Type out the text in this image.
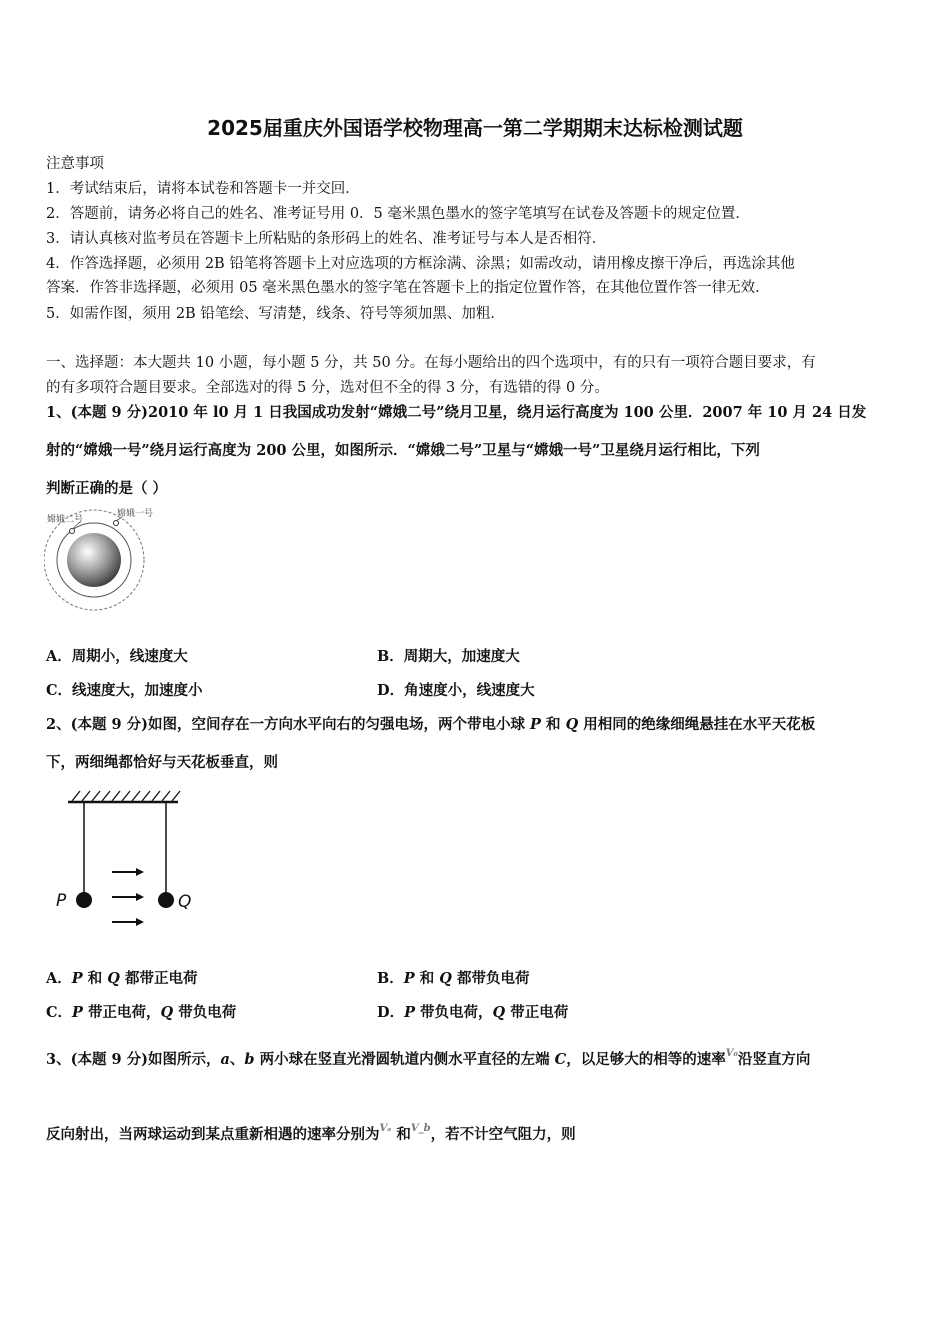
2025届重庆外国语学校物理高一第二学期期末达标检测试题
注意事项
1．考试结束后，请将本试卷和答题卡一并交回．
2．答题前，请务必将自己的姓名、准考证号用 0．5 毫米黑色墨水的签字笔填写在试卷及答题卡的规定位置．
3．请认真核对监考员在答题卡上所粘贴的条形码上的姓名、准考证号与本人是否相符．
4．作答选择题，必须用 2B 铅笔将答题卡上对应选项的方框涂满、涂黑；如需改动，请用橡皮擦干净后，再选涂其他
答案．作答非选择题，必须用 05 毫米黑色墨水的签字笔在答题卡上的指定位置作答，在其他位置作答一律无效．
5．如需作图，须用 2B 铅笔绘、写清楚，线条、符号等须加黑、加粗．
一、选择题：本大题共 10 小题，每小题 5 分，共 50 分。在每小题给出的四个选项中，有的只有一项符合题目要求，有
的有多项符合题目要求。全部选对的得 5 分，选对但不全的得 3 分，有选错的得 0 分。
1、(本题 9 分)2010 年 l0 月 1 日我国成功发射“嫦娥二号”绕月卫星，绕月运行高度为 100 公里．2007 年 10 月 24 日发
射的“嫦娥一号”绕月运行高度为 200 公里，如图所示．“嫦娥二号”卫星与“嫦娥一号”卫星绕月运行相比，下列
判断正确的是（ ）
嫦娥二号
嫦娥一号
A．周期小，线速度大	B．周期大，加速度大
C．线速度大，加速度小	D．角速度小，线速度大
2、(本题 9 分)如图，空间存在一方向水平向右的匀强电场，两个带电小球 P 和 Q 用相同的绝缘细绳悬挂在水平天花板
下，两细绳都恰好与天花板垂直，则
P	Q
A．P 和 Q 都带正电荷	B．P 和 Q 都带负电荷
C．P 带正电荷，Q 带负电荷	D．P 带负电荷，Q 带正电荷
3、(本题 9 分)如图所示，a、b 两小球在竖直光滑圆轨道内侧水平直径的左端 C，以足够大的相等的速率$^{V_0}$沿竖直方向
反向射出，当两球运动到某点重新相遇的速率分别为$^{V_a}$ 和$^{V\_b}$，若不计空气阻力，则
